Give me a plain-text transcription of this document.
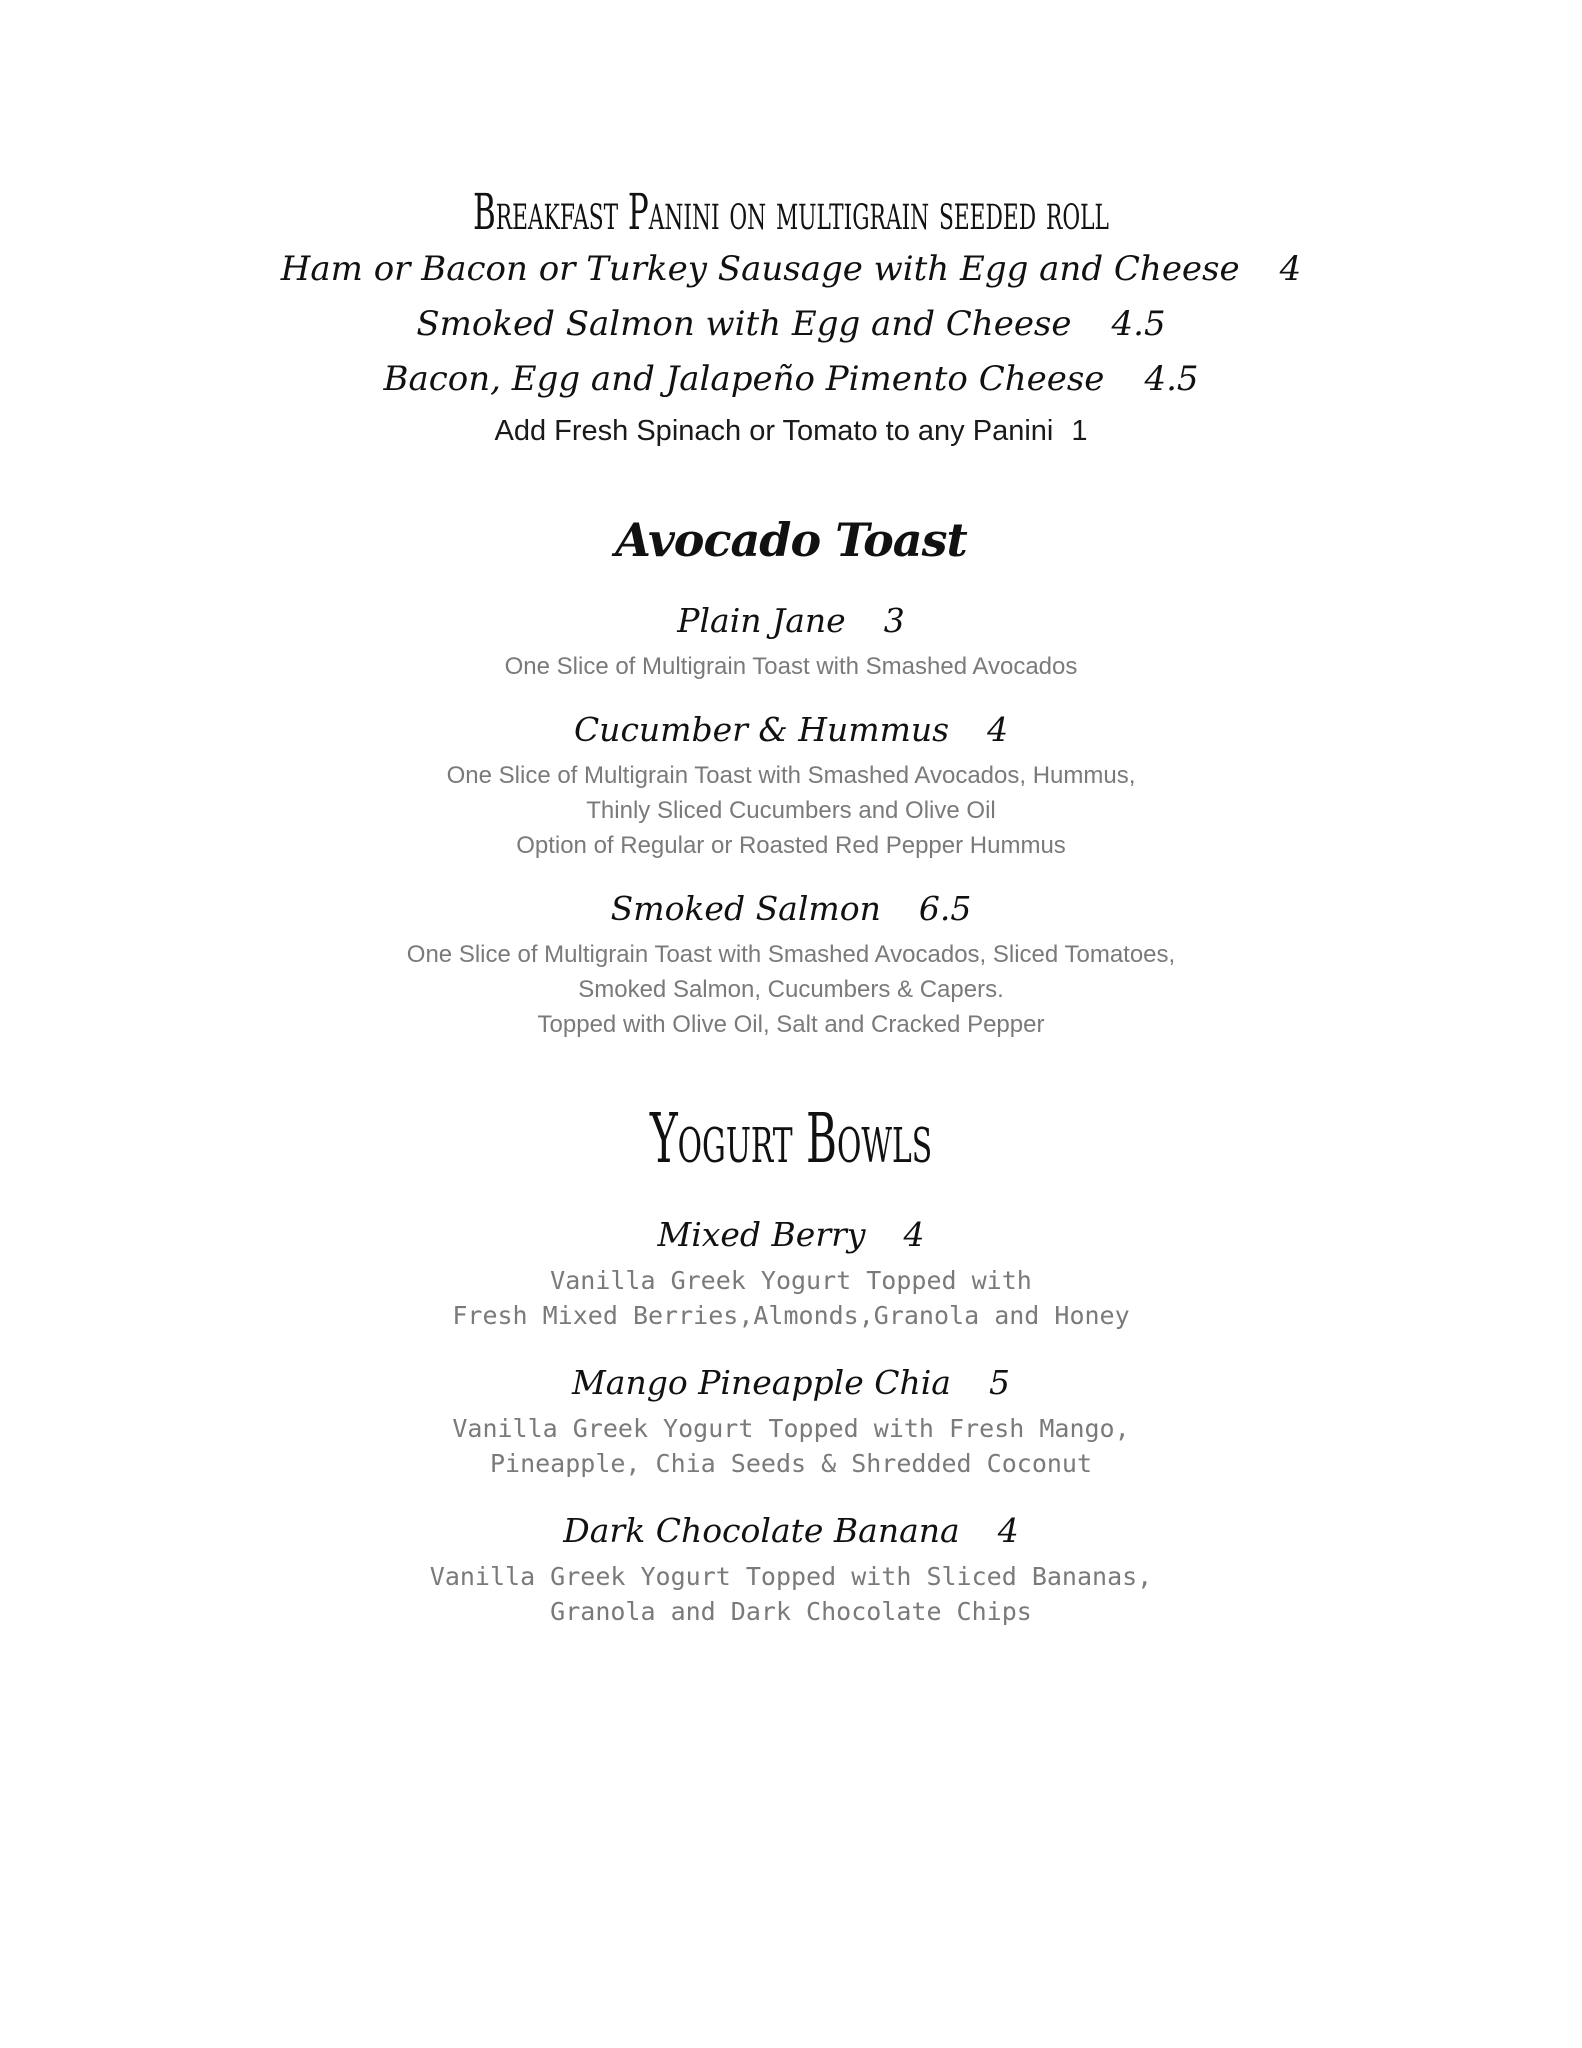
Breakfast Panini on multigrain seeded roll
Ham or Bacon or Turkey Sausage with Egg and Cheese 4
Smoked Salmon with Egg and Cheese 4.5
Bacon, Egg and Jalapeño Pimento Cheese 4.5
Add Fresh Spinach or Tomato to any Panini 1
Avocado Toast
Plain Jane 3
One Slice of Multigrain Toast with Smashed Avocados
Cucumber & Hummus 4
One Slice of Multigrain Toast with Smashed Avocados, Hummus,
Thinly Sliced Cucumbers and Olive Oil
Option of Regular or Roasted Red Pepper Hummus
Smoked Salmon 6.5
One Slice of Multigrain Toast with Smashed Avocados, Sliced Tomatoes,
Smoked Salmon, Cucumbers & Capers.
Topped with Olive Oil, Salt and Cracked Pepper
Yogurt Bowls
Mixed Berry 4
Vanilla Greek Yogurt Topped with
Fresh Mixed Berries,Almonds,Granola and Honey
Mango Pineapple Chia 5
Vanilla Greek Yogurt Topped with Fresh Mango,
Pineapple, Chia Seeds & Shredded Coconut
Dark Chocolate Banana 4
Vanilla Greek Yogurt Topped with Sliced Bananas,
Granola and Dark Chocolate Chips
